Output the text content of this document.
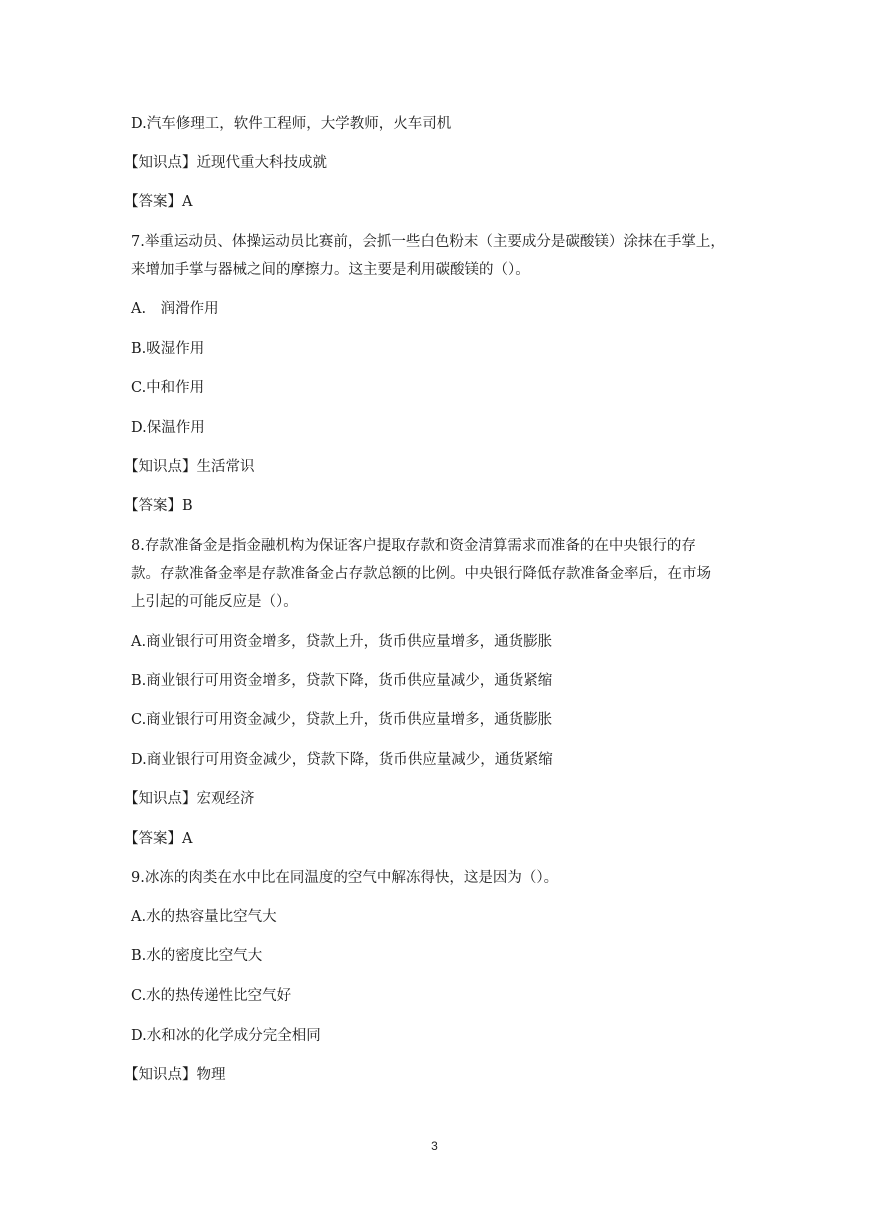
D.汽车修理工，软件工程师，大学教师，火车司机
【知识点】近现代重大科技成就
【答案】A
7.举重运动员、体操运动员比赛前，会抓一些白色粉末（主要成分是碳酸镁）涂抹在手掌上，
来增加手掌与器械之间的摩擦力。这主要是利用碳酸镁的（）。
A.　润滑作用
B.吸湿作用
C.中和作用
D.保温作用
【知识点】生活常识
【答案】B
8.存款准备金是指金融机构为保证客户提取存款和资金清算需求而准备的在中央银行的存
款。存款准备金率是存款准备金占存款总额的比例。中央银行降低存款准备金率后，在市场
上引起的可能反应是（）。
A.商业银行可用资金增多，贷款上升，货币供应量增多，通货膨胀
B.商业银行可用资金增多，贷款下降，货币供应量减少，通货紧缩
C.商业银行可用资金减少，贷款上升，货币供应量增多，通货膨胀
D.商业银行可用资金减少，贷款下降，货币供应量减少，通货紧缩
【知识点】宏观经济
【答案】A
9.冰冻的肉类在水中比在同温度的空气中解冻得快，这是因为（）。
A.水的热容量比空气大
B.水的密度比空气大
C.水的热传递性比空气好
D.水和冰的化学成分完全相同
【知识点】物理
3
